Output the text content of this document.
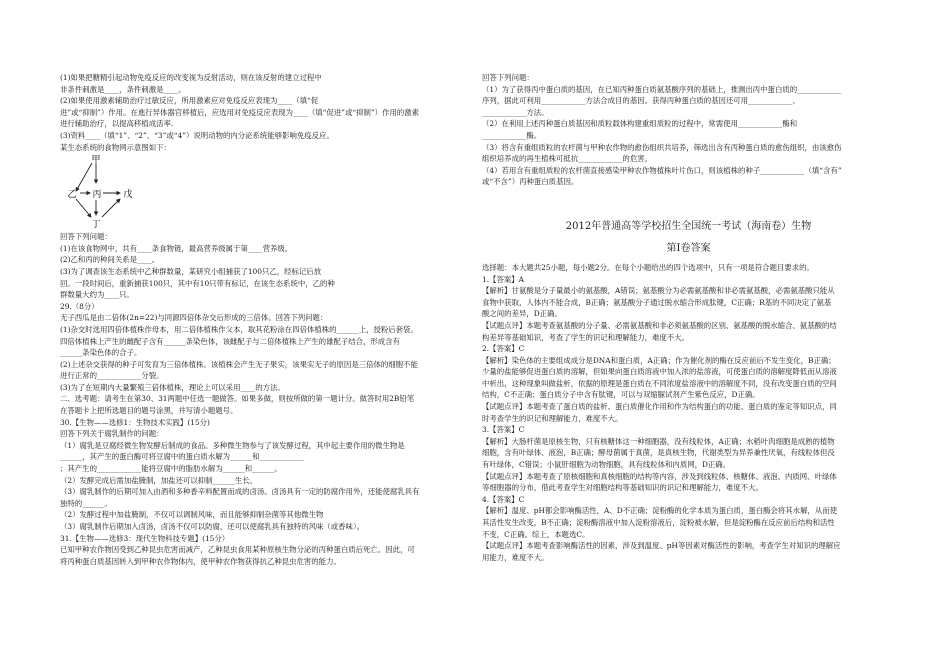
(1)如果把糖精引起动物免疫反应的改变视为反射活动，则在该反射的建立过程中
非条件刺激是____，条件刺激是____。
(2)如果使用激素辅助治疗过敏反应，所用激素应对免疫反应表现为____（填“促
进”或“抑制”）作用。在進行异体器官移植后，应选用对免疫反应表现为____（填“促进”或“抑制”）作用的激素
进行辅助治疗，以提高移植成活率.
(3)资料____（填“1”、“2”、“3”或“4”）说明动物的内分泌系统能够影响免疫反应。
某生态系统的食物网示意图如下：
甲
乙 丙
丁
戊
回答下列问题：
(1)在该食物网中，共有____条食物链，最高营养级属于第____营养级。
(2)乙和丙的种间关系是____。
(3)为了调查该生态系统中乙种群数量，某研究小组捕获了100只乙，经标记后放
回。一段时间后，重新捕获100只，其中有10只带有标记，在该生态系统中，乙的种
群数量大约为____只。
29.（8分）
无子西瓜是由二倍体(2n=22)与同源四倍体杂交后形成的三倍体。回答下列问题：
(1)杂交时选用四倍体植株作母本，用二倍体植株作父本，取其花粉涂在四倍体植株的______上，授粉后套袋。
四倍体植株上产生的雌配子含有______条染色体，该雌配子与二倍体植株上产生的雄配子结合，形成含有
______条染色体的合子。
(2)上述杂交获得的种子可发育为三倍体植株。该植株会产生无子果实，该果实无子的原因是三倍体的细胞不能
进行正常的____________分裂。
(3)为了在短期内大量繁殖三倍体植株，理论上可以采用____的方法。
二、选考题：请考生在第30、31两题中任选一题做答。如果多做，则按所做的第一题计分。做答时用2B铅笔
在答题卡上把所选题目的题号涂黑，并写清小题题号。
30.【生物——选修1：生物技术实践】(15分)
回答下列关于腐乳制作的问题：
（1）腐乳是豆腐经微生物发酵后制成的食品。多种微生物参与了该发酵过程，其中起主要作用的微生物是
______，其产生的蛋白酶可将豆腐中的蛋白质水解为______和____________
；其产生的____________能将豆腐中的脂肪水解为______和______。
（2）发酵完成后需加盐腌制，加盐还可以抑制______生长。
（3）腐乳制作的后期可加入由酒和多种香辛料配置而成的卤汤。卤汤具有一定的防腐作用外，还能使腐乳具有
独特的______。
（2）发酵过程中加盐腌制，不仅可以调制风味，而且能够抑制杂菌等其他微生物
（3）腐乳制作后期加入卤汤，卤汤不仅可以防腐，还可以使腐乳具有独特的风味（或香味）。
31.【生物——选修3：现代生物科技专题】(15分）
已知甲种农作物因受到乙种昆虫危害而减产，乙种昆虫食用某种原核生物分泌的丙种蛋白质后死亡。因此，可
将丙种蛋白质基因转入到甲种农作物体内，使甲种农作物获得抗乙种昆虫危害的能力。
回答下列问题：
（1）为了获得丙中蛋白质的基因，在已知丙种蛋白质氨基酸序列的基础上，推测出丙中蛋白质的____________
序列，据此可利用____________方法合成目的基因。获得丙种蛋白质的基因还可用____________、
____________方法。
（2）在利用上述丙种蛋白质基因和质粒载体构建重组质粒的过程中，常需使用____________酶和
____________酶。
（3）将含有重组质粒的农杆菌与甲种农作物的愈伤组织共培养，筛选出含有丙种蛋白质的愈伤组织，由该愈伤
组织培养成的再生植株可抵抗____________的危害。
（4）若用含有重组质粒的农杆菌直接感染甲种农作物植株叶片伤口，则该植株的种子____________（填“含有”
或“不含”）丙种蛋白质基因。
2012年普通高等学校招生全国统一考试（海南卷）生物
第Ⅰ卷答案
选择题：本大题共25小题，每小题2分。在每个小题给出的四个选项中，只有一项是符合题目要求的。
1.【答案】A
【解析】甘氨酸是分子量最小的氨基酸，A错误；氨基酸分为必需氨基酸和非必需氨基酸，必需氨基酸只能从
食物中获取，人体内不能合成，B正确；氨基酸分子通过脱水缩合形成肽键，C正确；R基的不同决定了氨基
酸之间的差异，D正确。
【试题点评】本题考查氨基酸的分子量、必需氨基酸和非必须氨基酸的区别、氨基酸的脱水缩合、氨基酸的结
构差异等基础知识，考查了学生的识记和理解能力，难度不大。
2.【答案】C
【解析】染色体的主要组成成分是DNA和蛋白质，A正确；作为催化剂的酶在反应前后不发生变化，B正确；
少量的盐能够促进蛋白质的溶解，但如果向蛋白质溶液中加入浓的盐溶液，可使蛋白质的溶解度降低而从溶液
中析出，这种现象叫做盐析，依据的原理是蛋白质在不同浓度盐溶液中的溶解度不同，没有改变蛋白质的空间
结构，C不正确；蛋白质分子中含有肽键，可以与双缩脲试剂产生紫色反应，D正确。
【试题点评】本题考查了蛋白质的盐析、蛋白质催化作用和作为结构蛋白的功能、蛋白质的鉴定等知识点，同
时考查学生的识记和理解能力，难度不大。
3.【答案】C
【解析】大肠杆菌是原核生物，只有核糖体这一种细胞器，没有线粒体，A正确；水稻叶肉细胞是成熟的植物
细胞，含有叶绿体、液泡，B正确；酵母菌属于真菌，是真核生物，代谢类型为异养兼性厌氧，有线粒体但没
有叶绿体，C错误；小鼠肝细胞为动物细胞，具有线粒体和内质网，D正确。
【试题点评】本题考查了原核细胞和真核细胞的结构等内容，涉及到线粒体、核糖体、液泡、内质网、叶绿体
等细胞器的分布，借此考查学生对细胞结构等基础知识的识记和理解能力，难度不大。
4.【答案】C
【解析】温度、pH都会影响酶活性，A、D不正确；淀粉酶的化学本质为蛋白质，蛋白酶会将其水解，从而使
其活性发生改变，B不正确；淀粉酶溶液中加入淀粉溶液后，淀粉被水解，但是淀粉酶在反应前后结构和活性
不变，C正确。综上，本题选C。
【试题点评】本题考查影响酶活性的因素，涉及到温度、pH等因素对酶活性的影响，考查学生对知识的理解应
用能力，难度不大。
